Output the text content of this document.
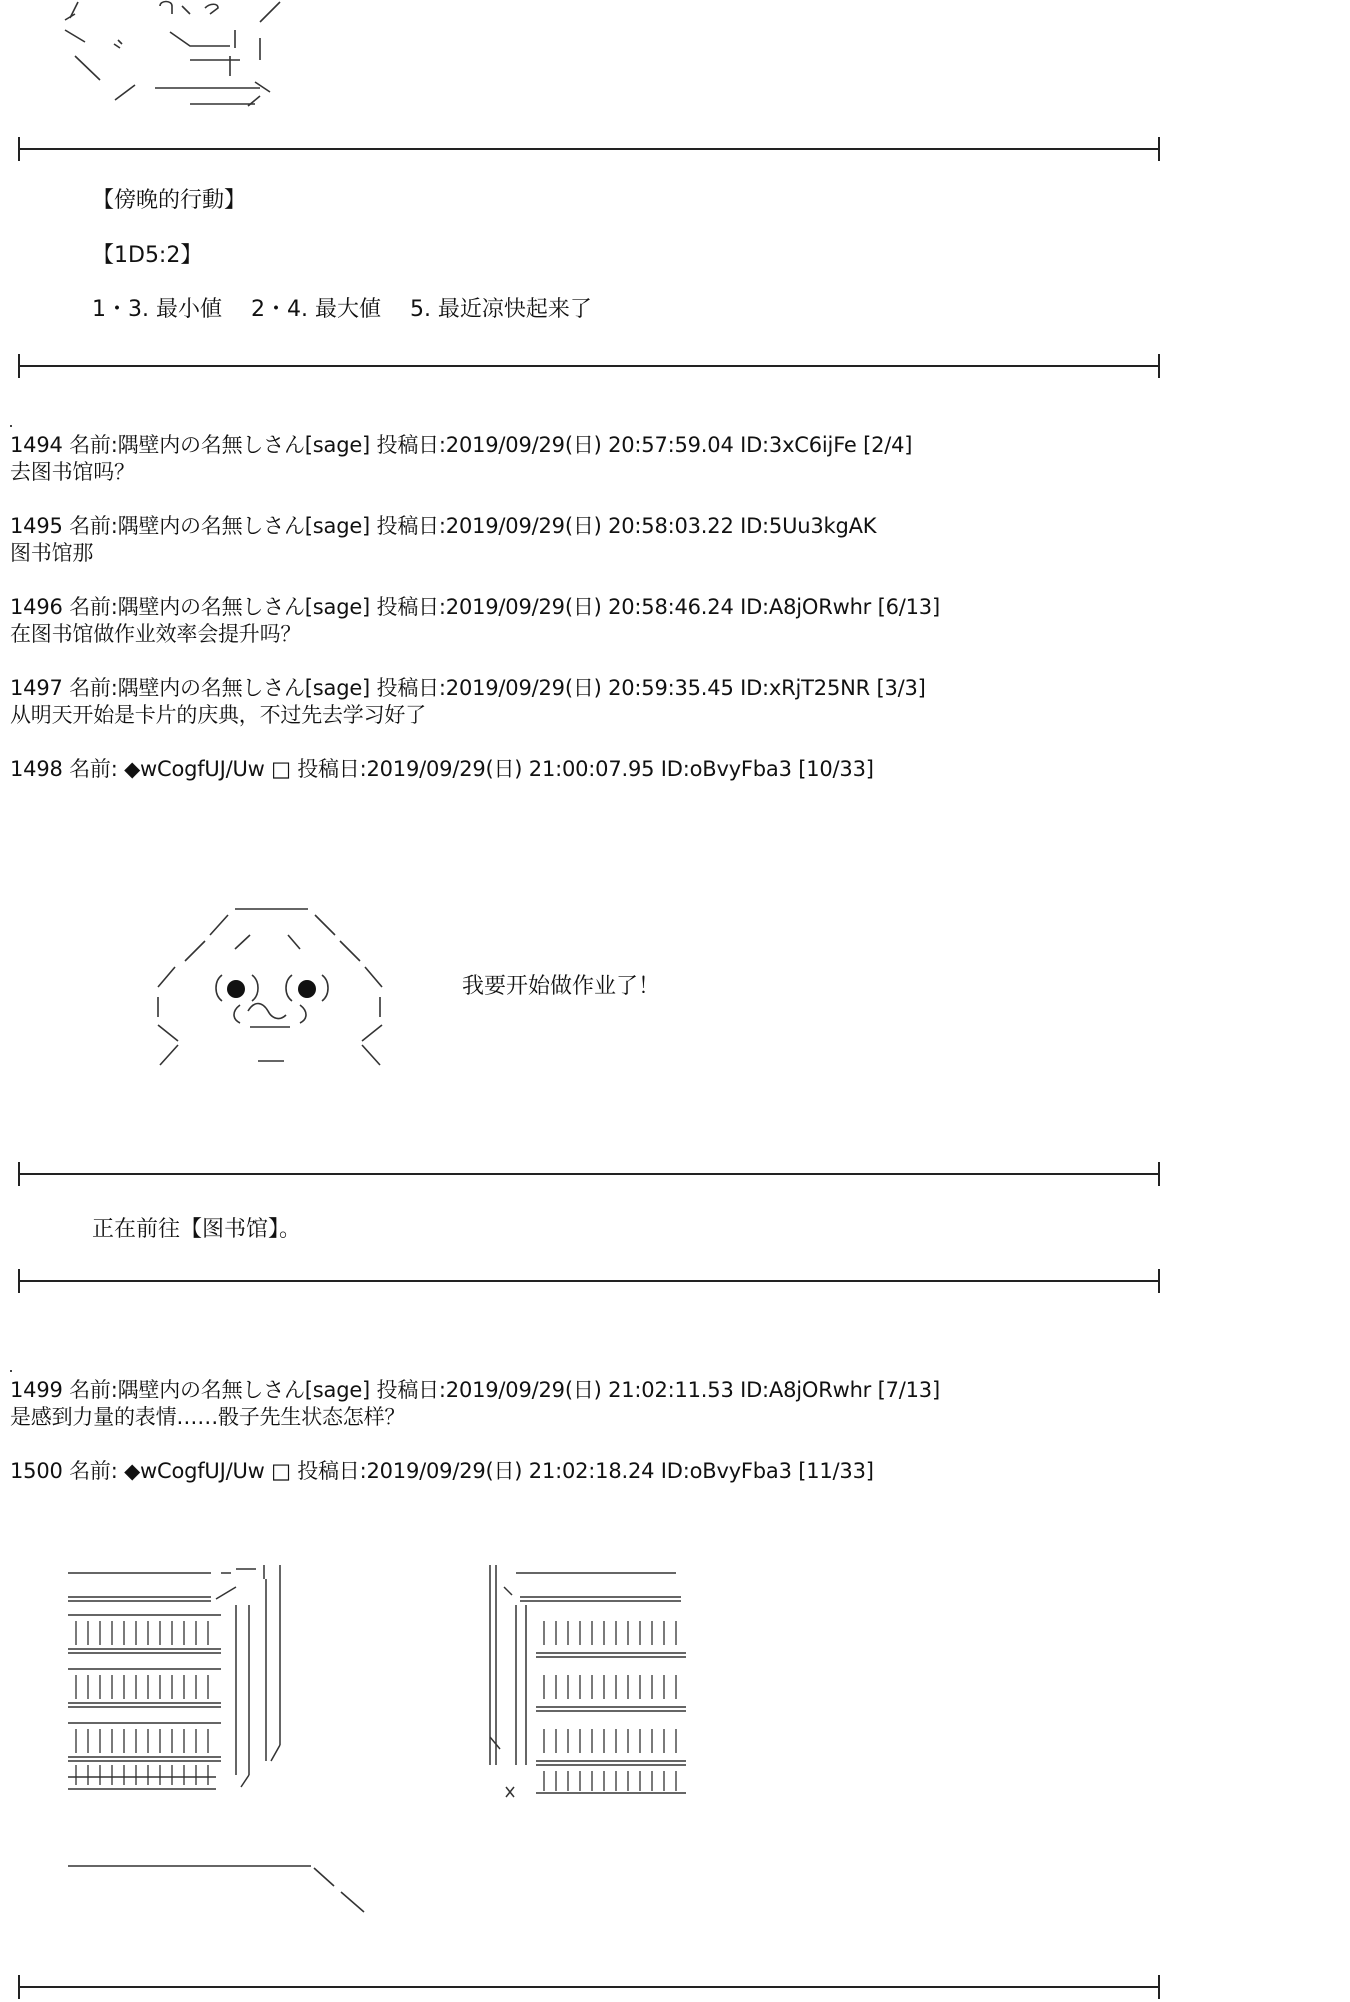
【傍晚的行動】
【1D5:2】
1・3. 最小値　 2・4. 最大値　 5. 最近凉快起来了
1494 名前:隅壁内の名無しさん[sage] 投稿日:2019/09/29(日) 20:57:59.04 ID:3xC6ijFe [2/4]
去图书馆吗？
1495 名前:隅壁内の名無しさん[sage] 投稿日:2019/09/29(日) 20:58:03.22 ID:5Uu3kgAK
图书馆那
1496 名前:隅壁内の名無しさん[sage] 投稿日:2019/09/29(日) 20:58:46.24 ID:A8jORwhr [6/13]
在图书馆做作业效率会提升吗？
1497 名前:隅壁内の名無しさん[sage] 投稿日:2019/09/29(日) 20:59:35.45 ID:xRjT25NR [3/3]
从明天开始是卡片的庆典，不过先去学习好了
1498 名前: ◆wCogfUJ/Uw □ 投稿日:2019/09/29(日) 21:00:07.95 ID:oBvyFba3 [10/33]
我要开始做作业了！
正在前往【图书馆】。
1499 名前:隅壁内の名無しさん[sage] 投稿日:2019/09/29(日) 21:02:11.53 ID:A8jORwhr [7/13]
是感到力量的表情……骰子先生状态怎样？
1500 名前: ◆wCogfUJ/Uw □ 投稿日:2019/09/29(日) 21:02:18.24 ID:oBvyFba3 [11/33]
